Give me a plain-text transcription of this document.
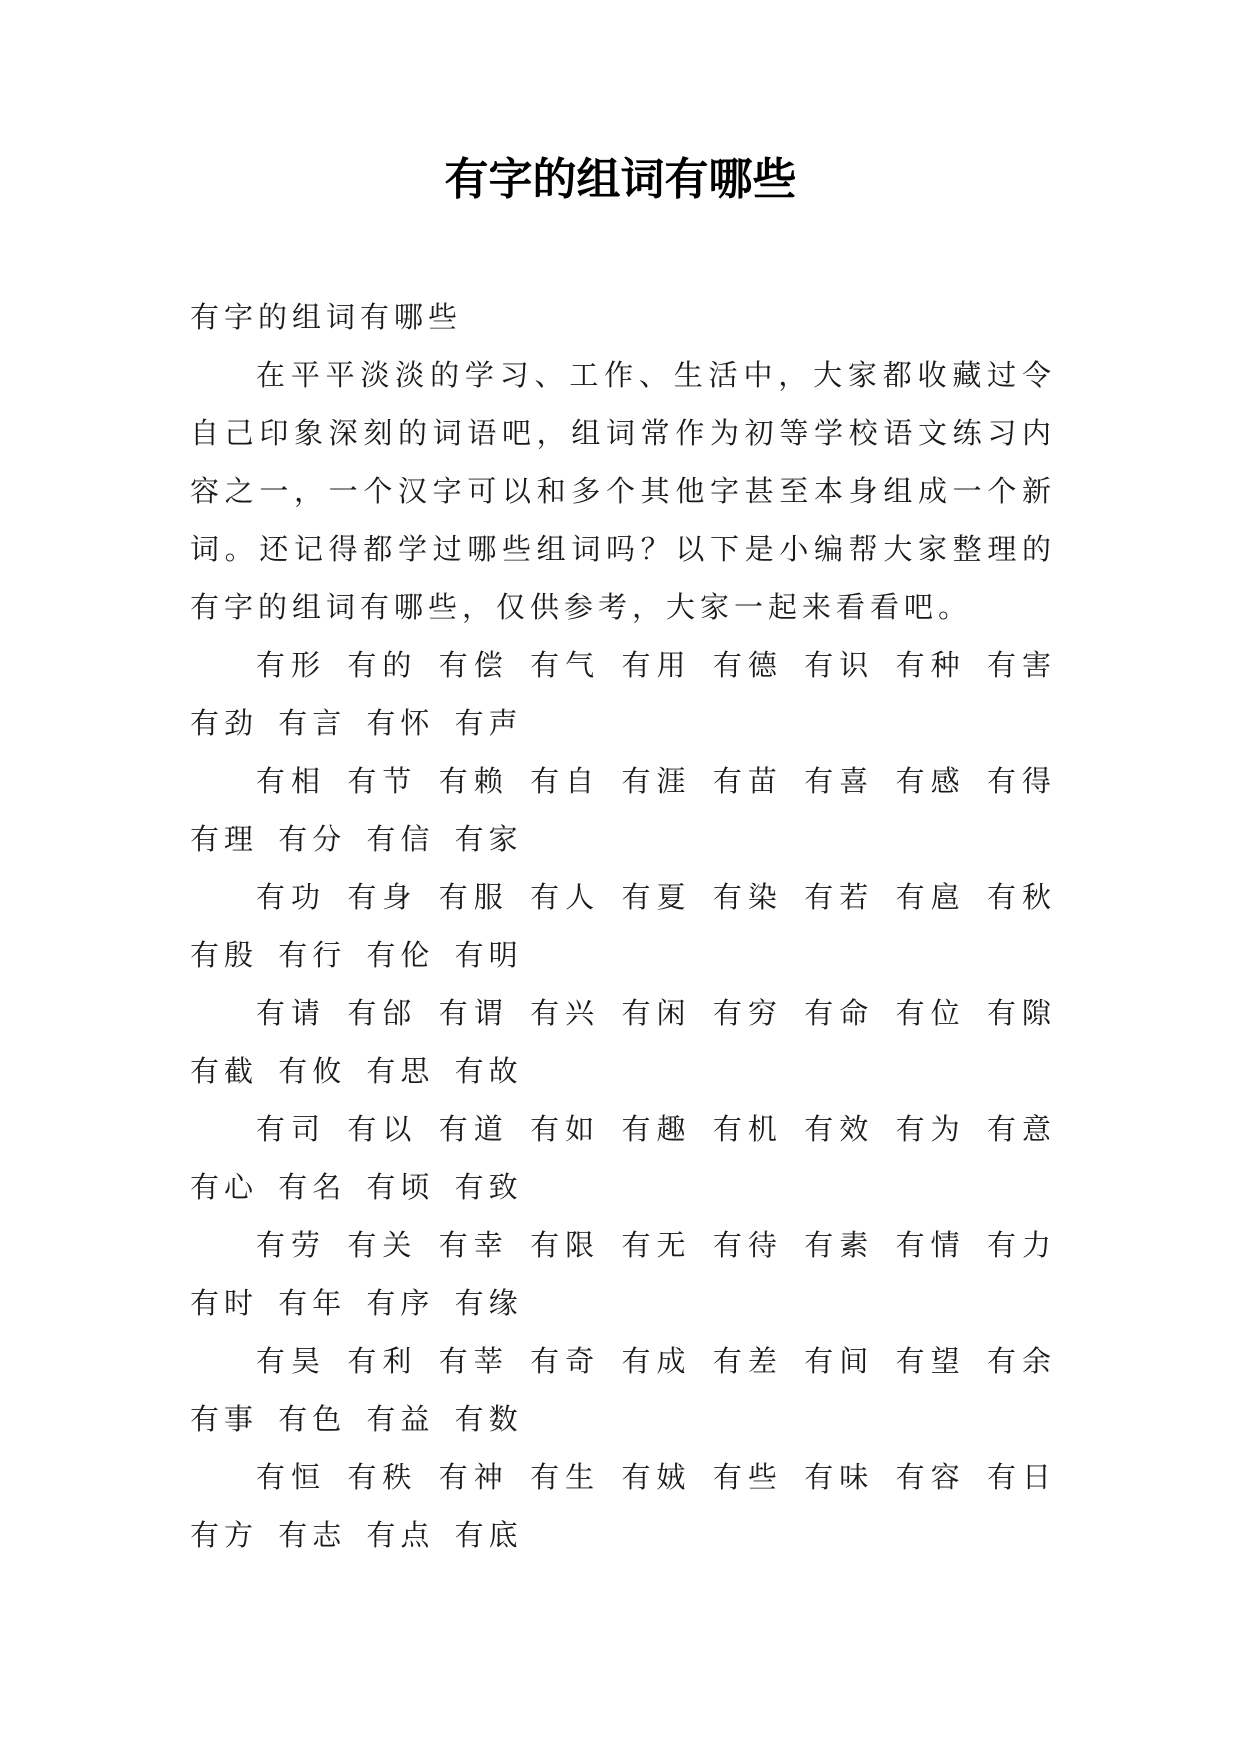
有字的组词有哪些

有字的组词有哪些

在平平淡淡的学习、工作、生活中，大家都收藏过令自己印象深刻的词语吧，组词常作为初等学校语文练习内容之一，一个汉字可以和多个其他字甚至本身组成一个新词。还记得都学过哪些组词吗？以下是小编帮大家整理的有字的组词有哪些，仅供参考，大家一起来看看吧。

有形 有的 有偿 有气 有用 有德 有识 有种 有害 有劲 有言 有怀 有声

有相 有节 有赖 有自 有涯 有苗 有喜 有感 有得 有理 有分 有信 有家

有功 有身 有服 有人 有夏 有染 有若 有扈 有秋 有殷 有行 有伦 有明

有请 有邰 有谓 有兴 有闲 有穷 有命 有位 有隙 有截 有攸 有思 有故

有司 有以 有道 有如 有趣 有机 有效 有为 有意 有心 有名 有顷 有致

有劳 有关 有幸 有限 有无 有待 有素 有情 有力 有时 有年 有序 有缘

有昊 有利 有莘 有奇 有成 有差 有间 有望 有余 有事 有色 有益 有数

有恒 有秩 有神 有生 有娀 有些 有味 有容 有日 有方 有志 有点 有底
